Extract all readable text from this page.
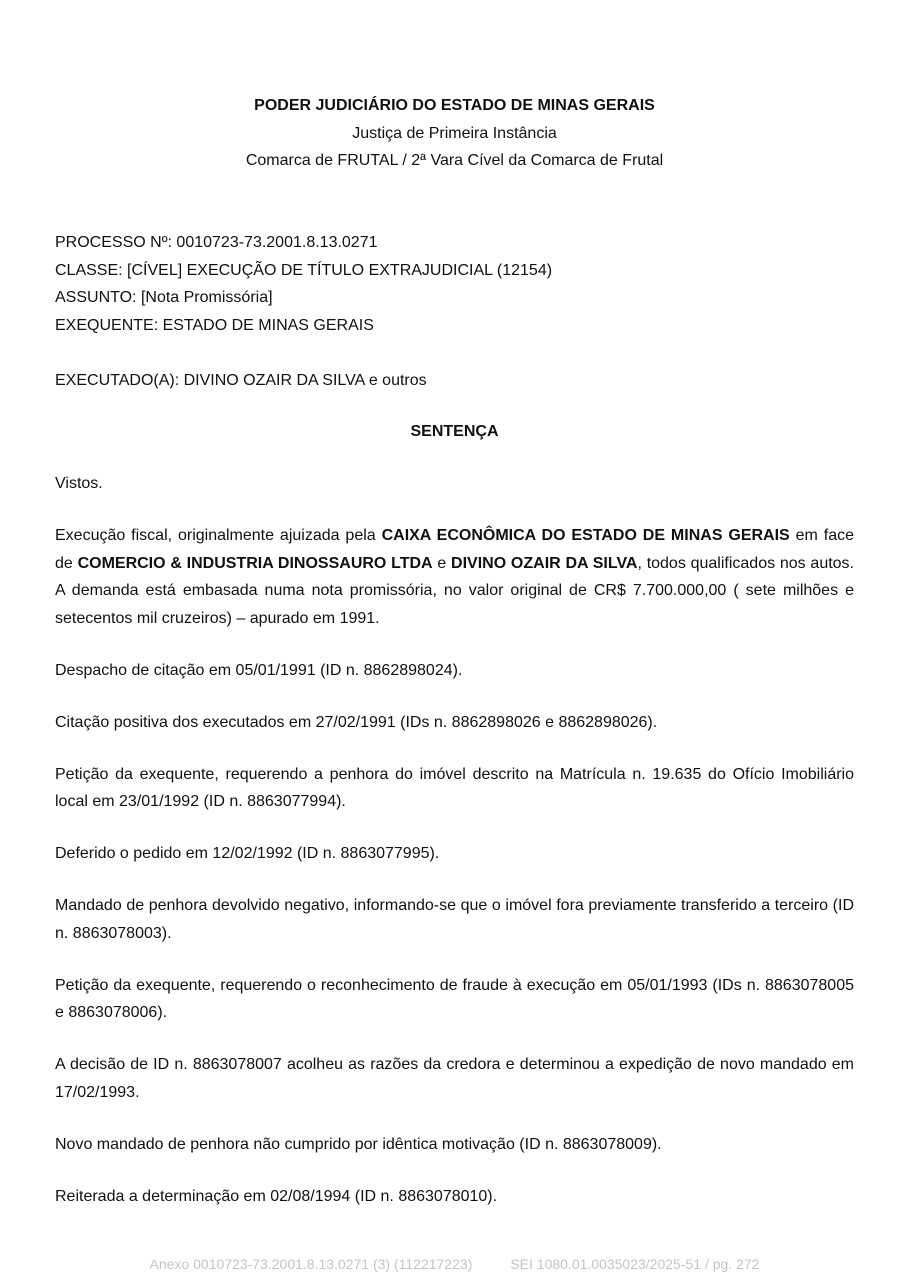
PODER JUDICIÁRIO DO ESTADO DE MINAS GERAIS
Justiça de Primeira Instância
Comarca de FRUTAL / 2ª Vara Cível da Comarca de Frutal
PROCESSO Nº: 0010723-73.2001.8.13.0271
CLASSE: [CÍVEL] EXECUÇÃO DE TÍTULO EXTRAJUDICIAL (12154)
ASSUNTO: [Nota Promissória]
EXEQUENTE: ESTADO DE MINAS GERAIS
EXECUTADO(A): DIVINO OZAIR DA SILVA e outros
SENTENÇA

Vistos.

Execução fiscal, originalmente ajuizada pela CAIXA ECONÔMICA DO ESTADO DE MINAS GERAIS em face de COMERCIO & INDUSTRIA DINOSSAURO LTDA e DIVINO OZAIR DA SILVA, todos qualificados nos autos. A demanda está embasada numa nota promissória, no valor original de CR$ 7.700.000,00 ( sete milhões e setecentos mil cruzeiros) – apurado em 1991.

Despacho de citação em 05/01/1991 (ID n. 8862898024).

Citação positiva dos executados em 27/02/1991 (IDs n. 8862898026 e 8862898026).

Petição da exequente, requerendo a penhora do imóvel descrito na Matrícula n. 19.635 do Ofício Imobiliário local em 23/01/1992 (ID n. 8863077994).

Deferido o pedido em 12/02/1992 (ID n. 8863077995).

Mandado de penhora devolvido negativo, informando-se que o imóvel fora previamente transferido a terceiro (ID n. 8863078003).

Petição da exequente, requerendo o reconhecimento de fraude à execução em 05/01/1993 (IDs n. 8863078005 e 8863078006).

A decisão de ID n. 8863078007 acolheu as razões da credora e determinou a expedição de novo mandado em 17/02/1993.

Novo mandado de penhora não cumprido por idêntica motivação (ID n. 8863078009).

Reiterada a determinação em 02/08/1994 (ID n. 8863078010).

Anexo 0010723-73.2001.8.13.0271 (3) (112217223)	SEI 1080.01.0035023/2025-51 / pg. 272
